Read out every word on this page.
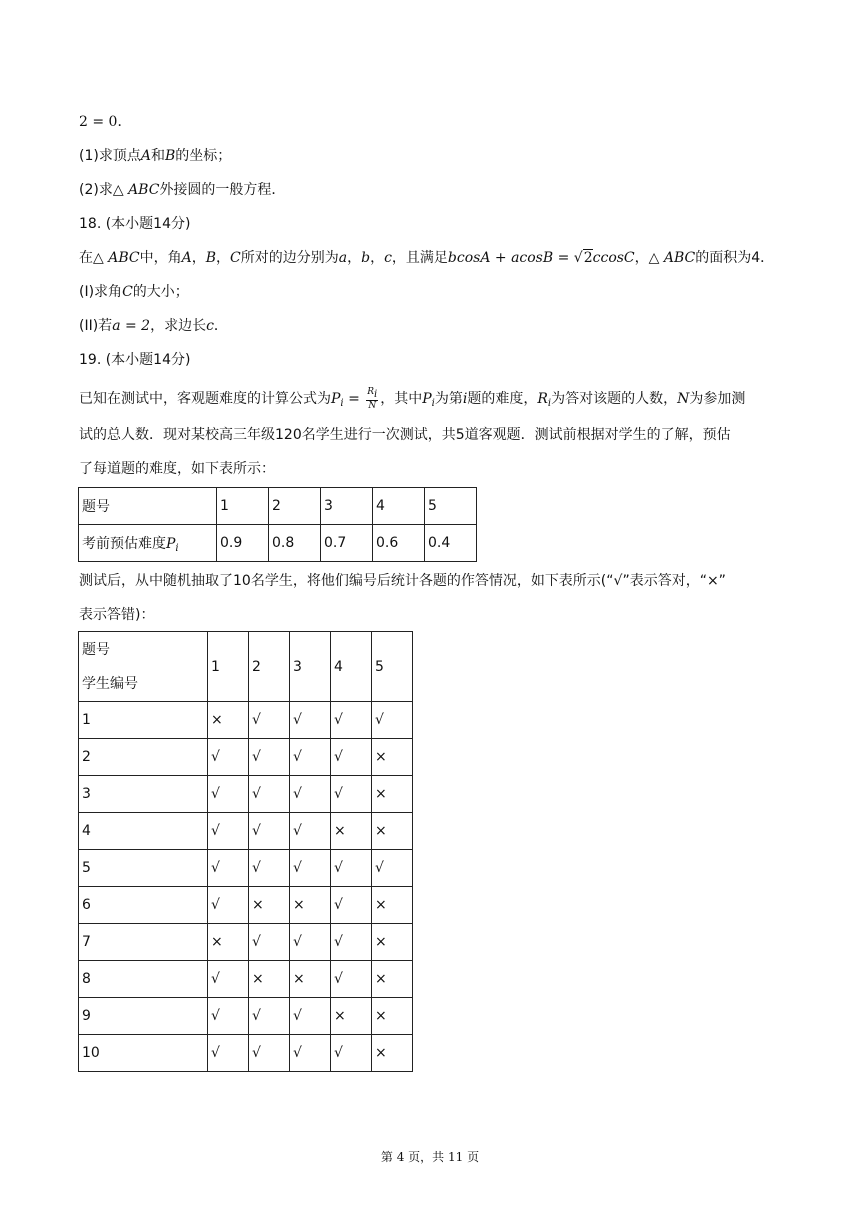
2 = 0．
(1)求顶点A和B的坐标；
(2)求△ ABC外接圆的一般方程．
18. (本小题14分)
在△ ABC中，角A，B，C所对的边分别为a，b，c，且满足bcosA + acosB = √2ccosC，△ ABC的面积为4．
(I)求角C的大小；
(II)若a = 2，求边长c．
19. (本小题14分)
已知在测试中，客观题难度的计算公式为$P_i = \frac{R_i}{N}$ ，其中$P_i$为第i题的难度，$R_i$为答对该题的人数，N为参加测
试的总人数．现对某校高三年级120名学生进行一次测试，共5道客观题．测试前根据对学生的了解，预估
了每道题的难度，如下表所示：
题号	1	2	3	4	5
考前预估难度$P_i$	0.9	0.8	0.7	0.6	0.4
测试后，从中随机抽取了10名学生，将他们编号后统计各题的作答情况，如下表所示(“√”表示答对，“×”
表示答错)：
题号
学生编号	1	2	3	4	5
1	×	√	√	√	√
2	√	√	√	√	×
3	√	√	√	√	×
4	√	√	√	×	×
5	√	√	√	√	√
6	√	×	×	√	×
7	×	√	√	√	×
8	√	×	×	√	×
9	√	√	√	×	×
10	√	√	√	√	×
第 4 页，共 11 页
